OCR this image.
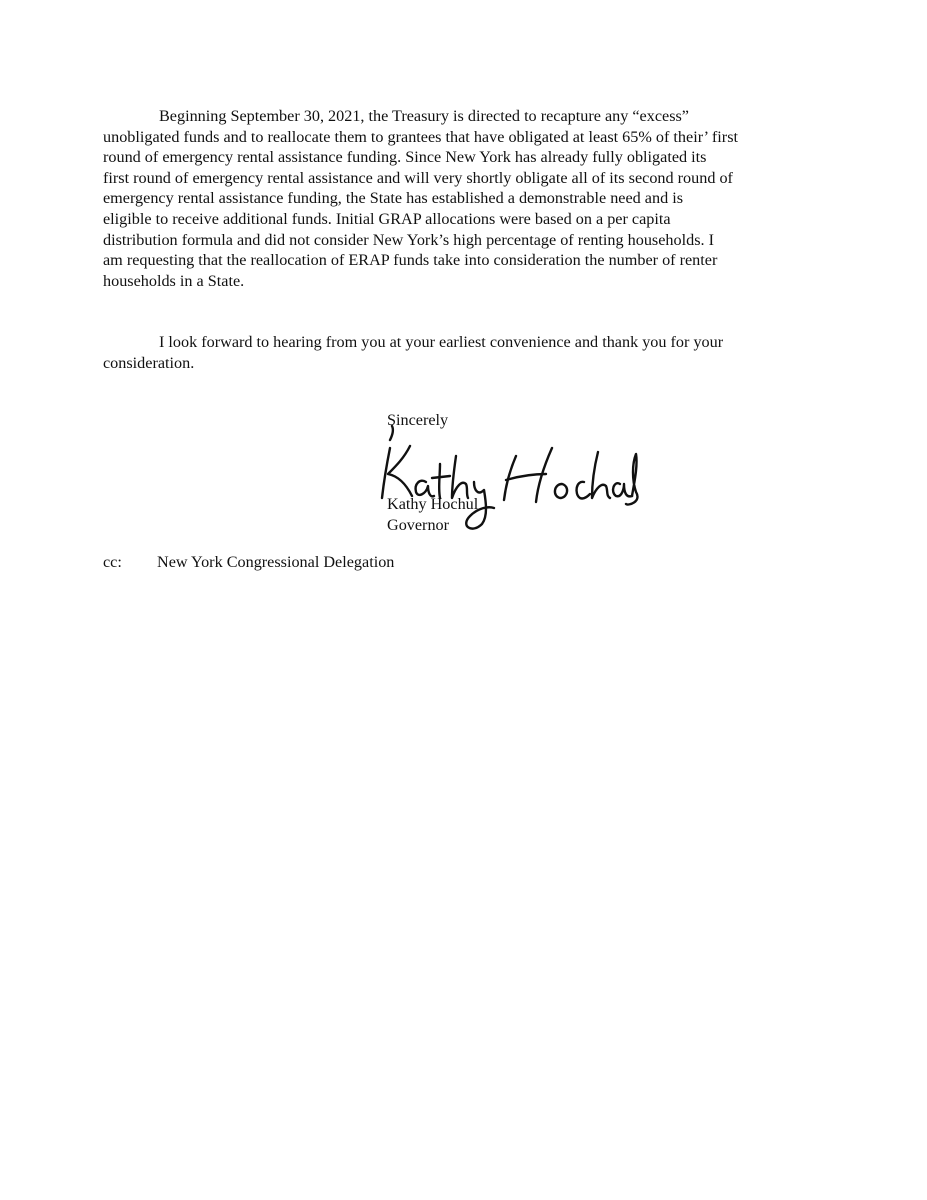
Beginning September 30, 2021, the Treasury is directed to recapture any “excess”
unobligated funds and to reallocate them to grantees that have obligated at least 65% of their’ first
round of emergency rental assistance funding. Since New York has already fully obligated its
first round of emergency rental assistance and will very shortly obligate all of its second round of
emergency rental assistance funding, the State has established a demonstrable need and is
eligible to receive additional funds. Initial GRAP allocations were based on a per capita
distribution formula and did not consider New York’s high percentage of renting households. I
am requesting that the reallocation of ERAP funds take into consideration the number of renter
households in a State.

I look forward to hearing from you at your earliest convenience and thank you for your
consideration.

Sincerely
Kathy Hochul
Governor
cc: New York Congressional Delegation
